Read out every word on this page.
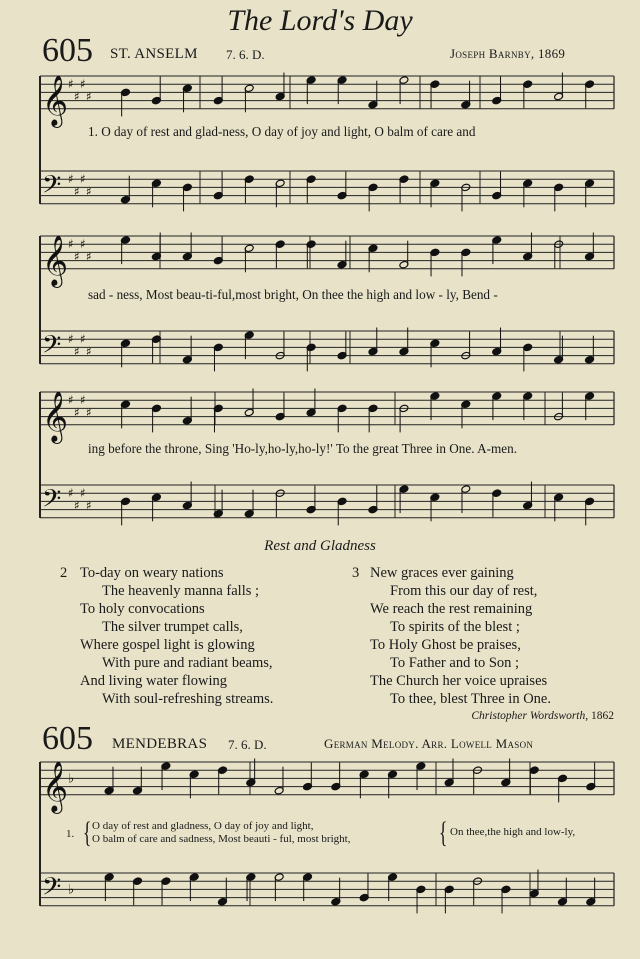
The Lord's Day
605 ST. ANSELM 7. 6. D.	Joseph Barnby, 1869
𝄞 ♯
♯
♯
♯
𝄢 ♯
♯
♯
♯
𝄞 ♯
♯
♯
♯
𝄢 ♯
♯
♯
♯
𝄞 ♯
♯
♯
♯
𝄢 ♯
♯
♯
♯
𝄞 ♭
𝄢 ♭
1. O day of rest and glad-ness, O day of joy and light, O balm of care and
sad - ness, Most beau-ti-ful,most bright, On thee the high and low - ly, Bend -
ing before the throne, Sing 'Ho-ly,ho-ly,ho-ly!' To the great Three in One. A-men.
Rest and Gladness
2 To-day on weary nations
The heavenly manna falls ;
To holy convocations
The silver trumpet calls,
Where gospel light is glowing
With pure and radiant beams,
And living water flowing
With soul-refreshing streams.
3 New graces ever gaining
From this our day of rest,
We reach the rest remaining
To spirits of the blest ;
To Holy Ghost be praises,
To Father and to Son ;
The Church her voice upraises
To thee, blest Three in One.
Christopher Wordsworth, 1862
605 MENDEBRAS 7. 6. D.	German Melody. Arr. Lowell Mason
1. { O day of rest and gladness, O day of joy and light,
O balm of care and sadness, Most beauti - ful, most bright,	{ On thee,the high and low-ly,
